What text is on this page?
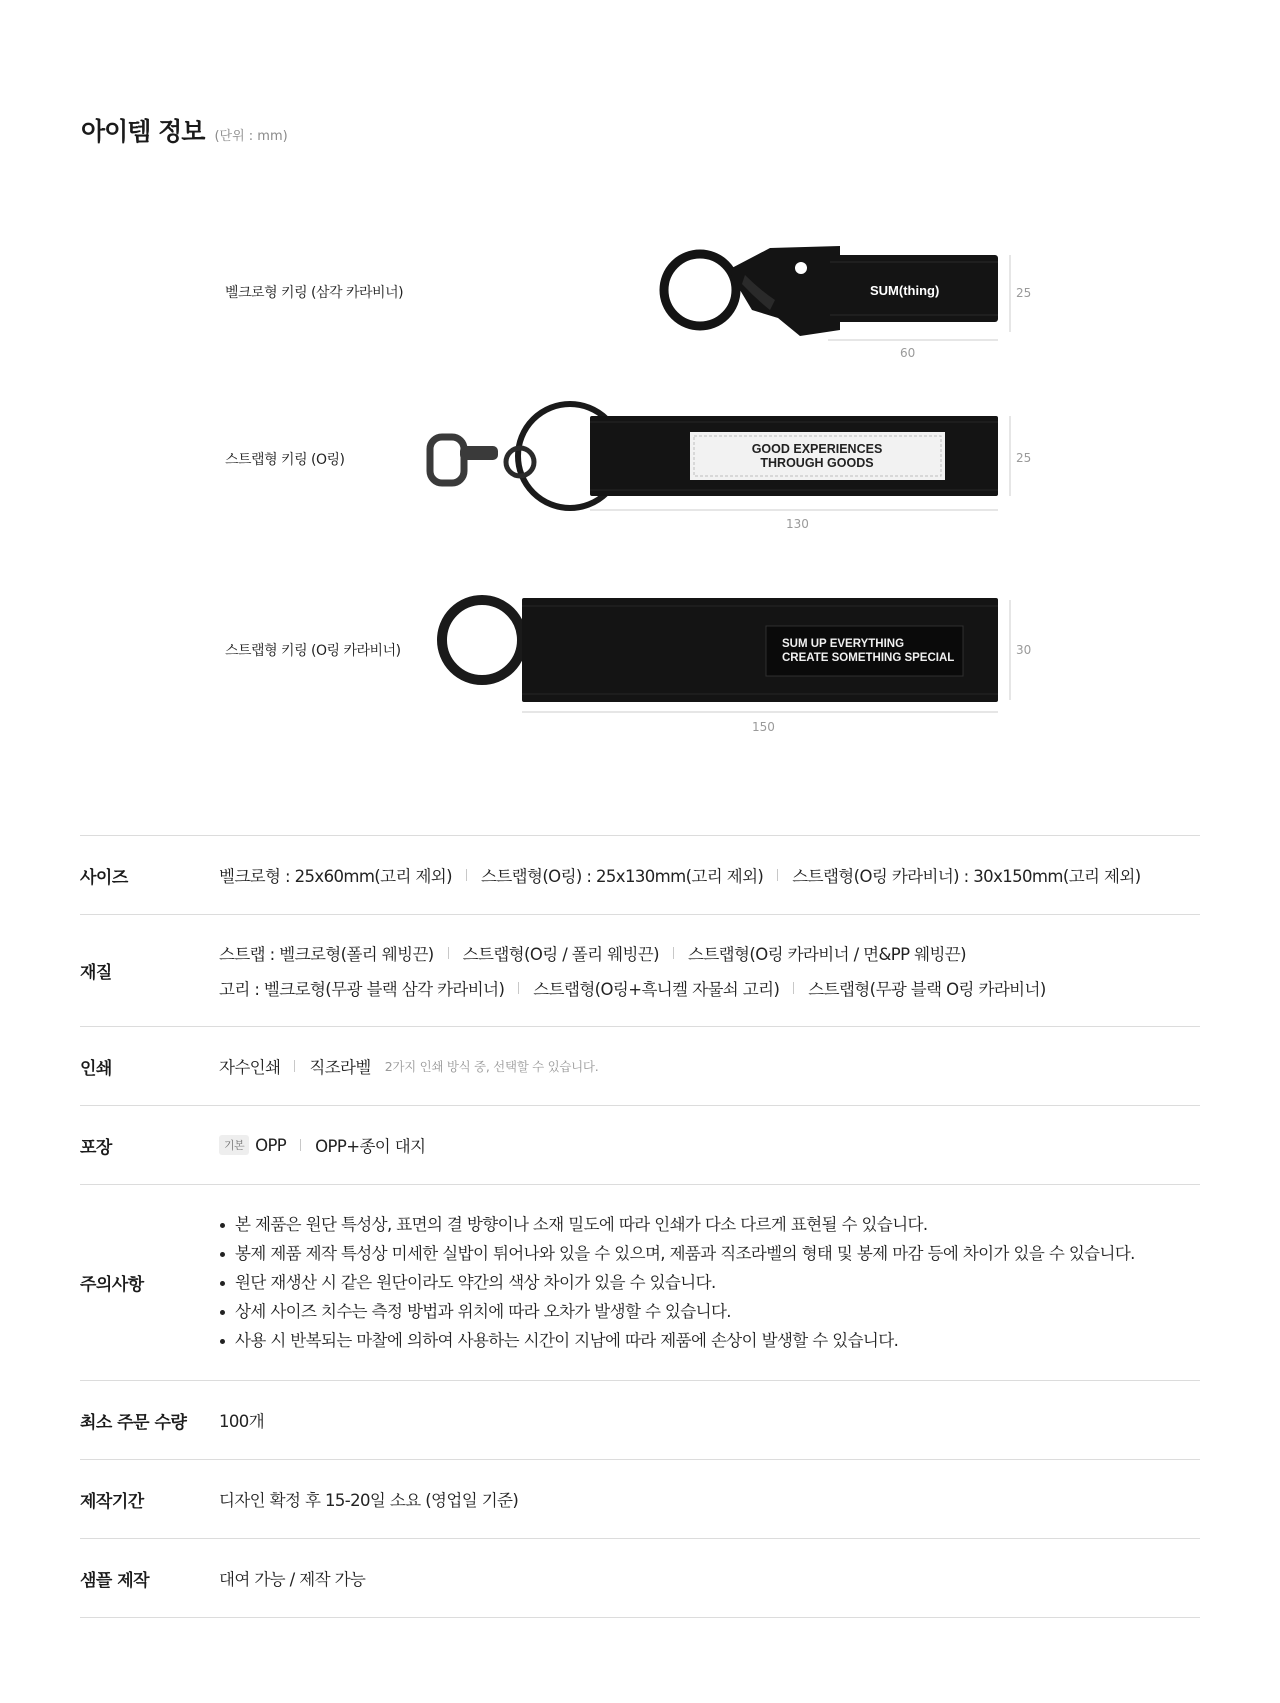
아이템 정보 (단위 : mm)
벨크로형 키링 (삼각 카라비너)
스트랩형 키링 (O링)
스트랩형 키링 (O링 카라비너)
SUM(thing)	25
60
GOOD EXPERIENCES
THROUGH GOODS	25
130
SUM UP EVERYTHING
CREATE SOMETHING SPECIAL
30
150
사이즈	벨크로형 : 25x60mm(고리 제외) 스트랩형(O링) : 25x130mm(고리 제외) 스트랩형(O링 카라비너) : 30x150mm(고리 제외)
재질
스트랩 : 벨크로형(폴리 웨빙끈) 스트랩형(O링 / 폴리 웨빙끈) 스트랩형(O링 카라비너 / 면&PP 웨빙끈)
고리 : 벨크로형(무광 블랙 삼각 카라비너) 스트랩형(O링+흑니켈 자물쇠 고리) 스트랩형(무광 블랙 O링 카라비너)
인쇄	자수인쇄 직조라벨 2가지 인쇄 방식 중, 선택할 수 있습니다.
포장	기본 OPP OPP+종이 대지
주의사항
본 제품은 원단 특성상, 표면의 결 방향이나 소재 밀도에 따라 인쇄가 다소 다르게 표현될 수 있습니다.
봉제 제품 제작 특성상 미세한 실밥이 튀어나와 있을 수 있으며, 제품과 직조라벨의 형태 및 봉제 마감 등에 차이가 있을 수 있습니다.
원단 재생산 시 같은 원단이라도 약간의 색상 차이가 있을 수 있습니다.
상세 사이즈 치수는 측정 방법과 위치에 따라 오차가 발생할 수 있습니다.
사용 시 반복되는 마찰에 의하여 사용하는 시간이 지남에 따라 제품에 손상이 발생할 수 있습니다.
최소 주문 수량	100개
제작기간	디자인 확정 후 15-20일 소요 (영업일 기준)
샘플 제작	대여 가능 / 제작 가능
